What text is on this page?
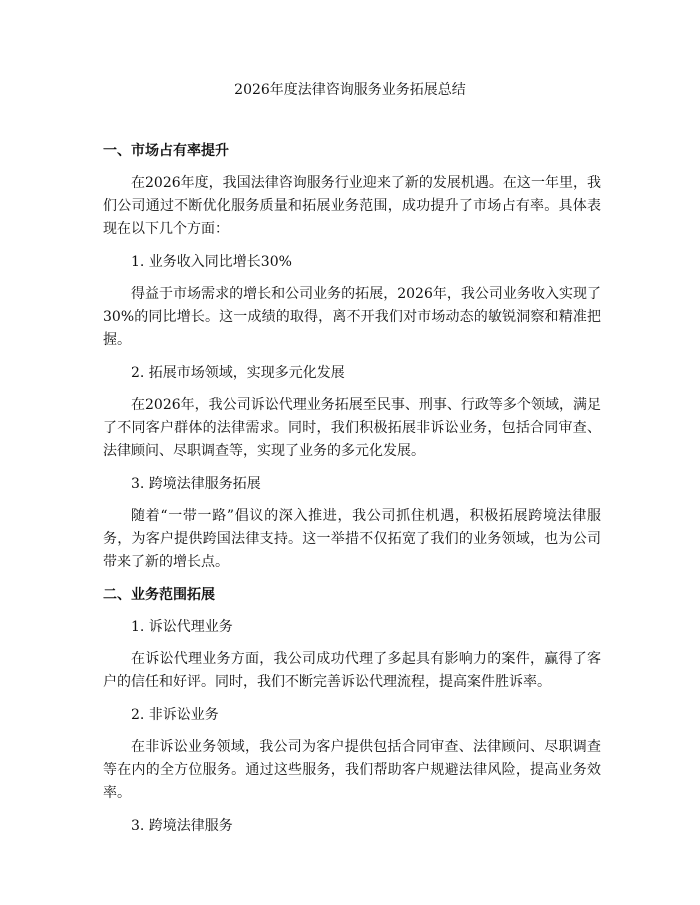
2026年度法律咨询服务业务拓展总结
一、市场占有率提升
在2026年度，我国法律咨询服务行业迎来了新的发展机遇。在这一年里，我们公司通过不断优化服务质量和拓展业务范围，成功提升了市场占有率。具体表现在以下几个方面：
1. 业务收入同比增长30%
得益于市场需求的增长和公司业务的拓展，2026年，我公司业务收入实现了30%的同比增长。这一成绩的取得，离不开我们对市场动态的敏锐洞察和精准把握。
2. 拓展市场领域，实现多元化发展
在2026年，我公司诉讼代理业务拓展至民事、刑事、行政等多个领域，满足了不同客户群体的法律需求。同时，我们积极拓展非诉讼业务，包括合同审查、法律顾问、尽职调查等，实现了业务的多元化发展。
3. 跨境法律服务拓展
随着“一带一路”倡议的深入推进，我公司抓住机遇，积极拓展跨境法律服务，为客户提供跨国法律支持。这一举措不仅拓宽了我们的业务领域，也为公司带来了新的增长点。
二、业务范围拓展
1. 诉讼代理业务
在诉讼代理业务方面，我公司成功代理了多起具有影响力的案件，赢得了客户的信任和好评。同时，我们不断完善诉讼代理流程，提高案件胜诉率。
2. 非诉讼业务
在非诉讼业务领域，我公司为客户提供包括合同审查、法律顾问、尽职调查等在内的全方位服务。通过这些服务，我们帮助客户规避法律风险，提高业务效率。
3. 跨境法律服务
